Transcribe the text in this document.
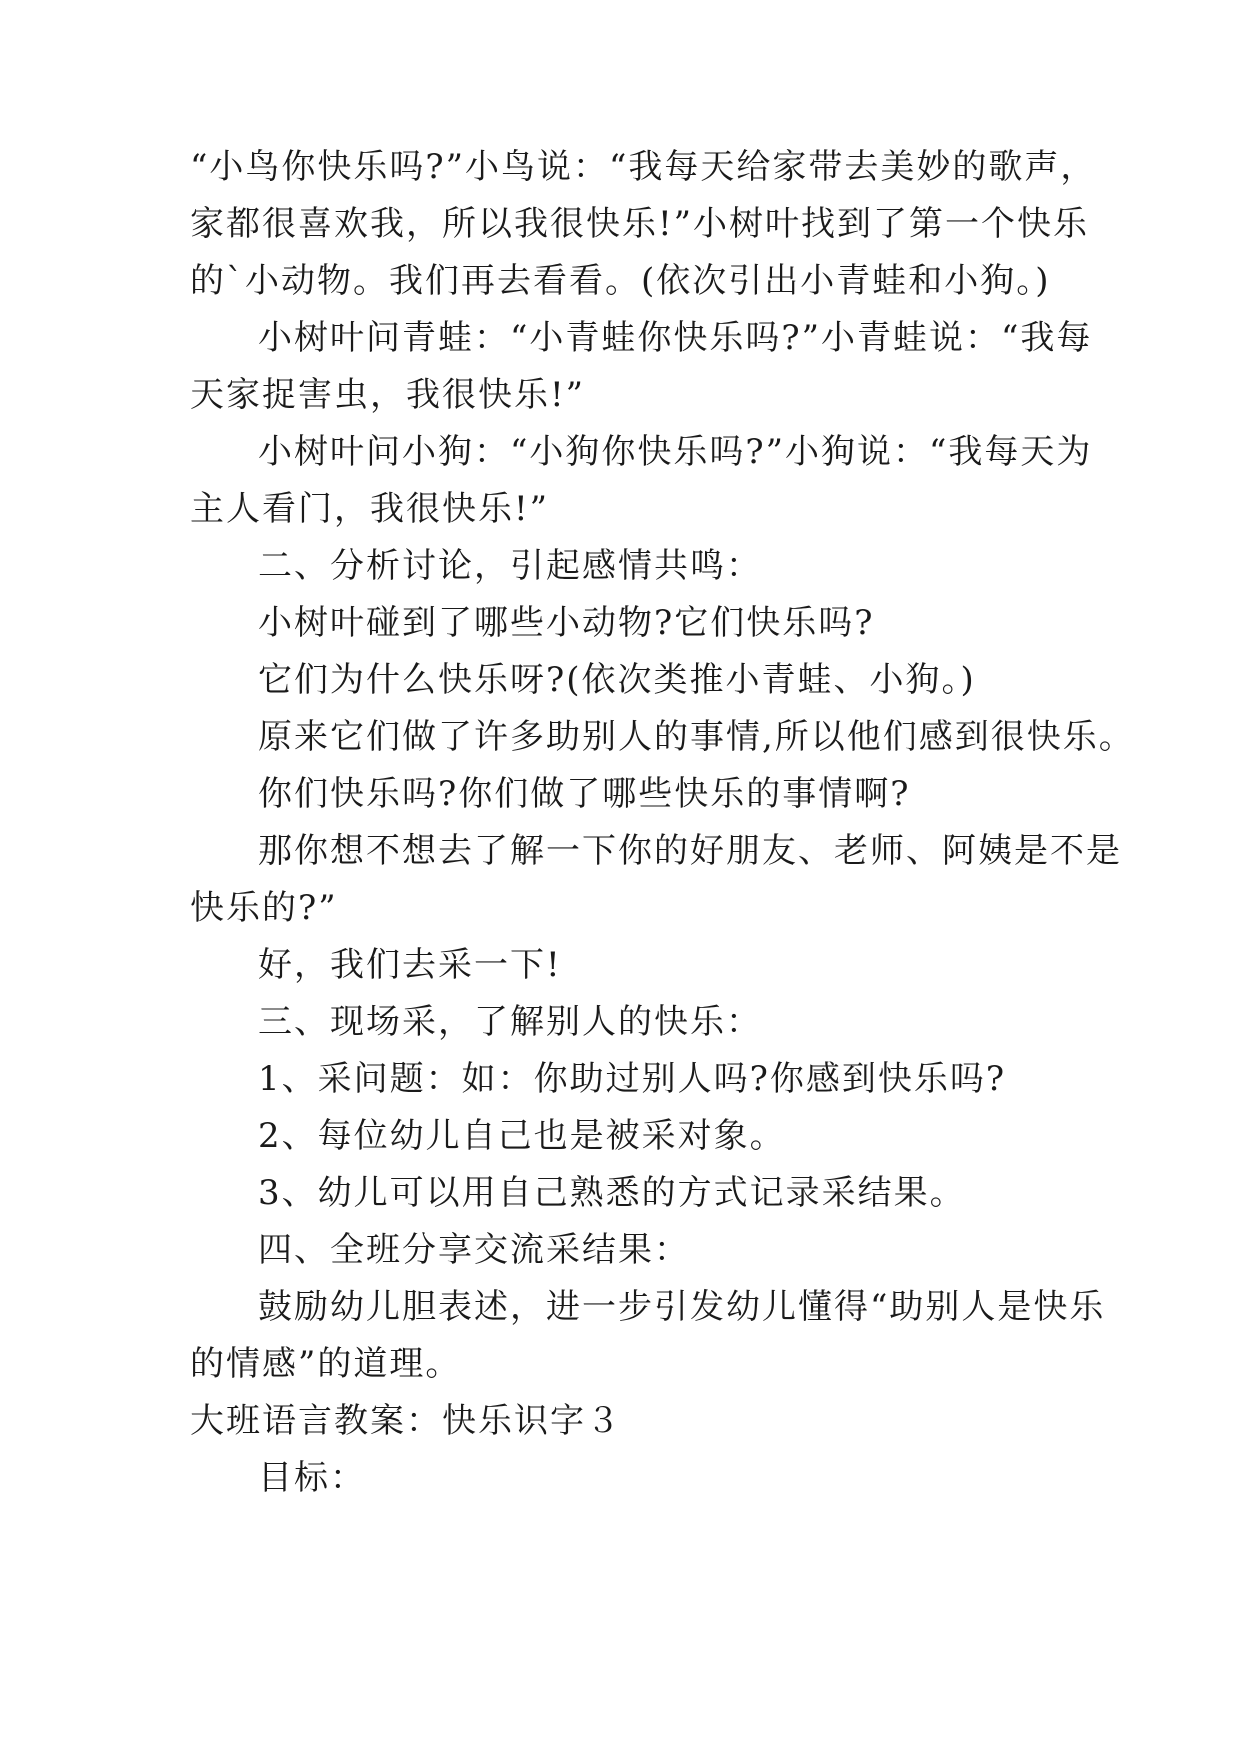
“小鸟你快乐吗?”小鸟说：“我每天给家带去美妙的歌声，
家都很喜欢我，所以我很快乐!”小树叶找到了第一个快乐
的`小动物。我们再去看看。(依次引出小青蛙和小狗。)
小树叶问青蛙：“小青蛙你快乐吗?”小青蛙说：“我每
天家捉害虫，我很快乐!”
小树叶问小狗：“小狗你快乐吗?”小狗说：“我每天为
主人看门，我很快乐!”
二、分析讨论，引起感情共鸣：
小树叶碰到了哪些小动物?它们快乐吗?
它们为什么快乐呀?(依次类推小青蛙、小狗。)
原来它们做了许多助别人的事情,所以他们感到很快乐。
你们快乐吗?你们做了哪些快乐的事情啊?
那你想不想去了解一下你的好朋友、老师、阿姨是不是
快乐的?”
好，我们去采一下!
三、现场采，了解别人的快乐：
1、采问题：如：你助过别人吗?你感到快乐吗?
2、每位幼儿自己也是被采对象。
3、幼儿可以用自己熟悉的方式记录采结果。
四、全班分享交流采结果：
鼓励幼儿胆表述，进一步引发幼儿懂得“助别人是快乐
的情感”的道理。
大班语言教案：快乐识字３
目标：
